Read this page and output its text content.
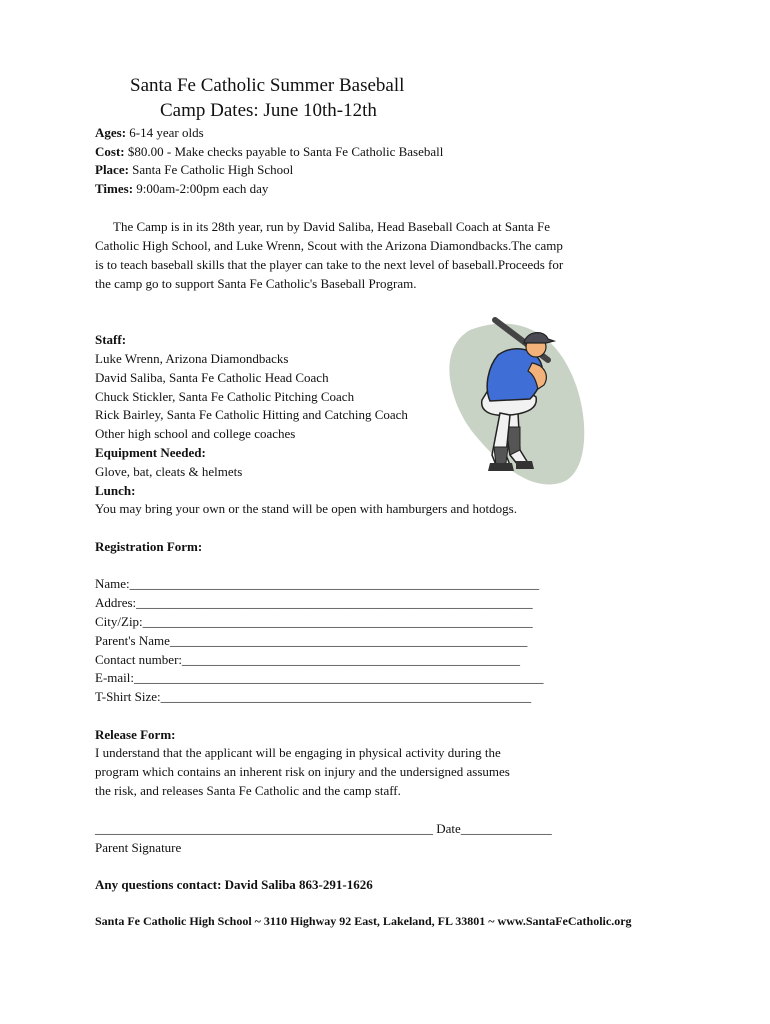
Santa Fe Catholic Summer Baseball
Camp Dates: June 10th-12th
Ages: 6-14 year olds
Cost: $80.00 - Make checks payable to Santa Fe Catholic Baseball
Place: Santa Fe Catholic High School
Times: 9:00am-2:00pm each day
The Camp is in its 28th year, run by David Saliba, Head Baseball Coach at Santa Fe Catholic High School, and Luke Wrenn, Scout with the Arizona Diamondbacks.The camp is to teach baseball skills that the player can take to the next level of baseball.Proceeds for the camp go to support Santa Fe Catholic's Baseball Program.
Staff:
Luke Wrenn, Arizona Diamondbacks
David Saliba, Santa Fe Catholic Head Coach
Chuck Stickler, Santa Fe Catholic Pitching Coach
Rick Bairley, Santa Fe Catholic Hitting and Catching Coach
Other high school and college coaches
Equipment Needed:
Glove, bat, cleats & helmets
Lunch:
You may bring your own or the stand will be open with hamburgers and hotdogs.
Registration Form:
Name:_______________________________________________________________
Addres:_____________________________________________________________
City/Zip:____________________________________________________________
Parent's Name_______________________________________________________
Contact number:____________________________________________________
E-mail:_______________________________________________________________
T-Shirt Size:_________________________________________________________
Release Form:
I understand that the applicant will be engaging in physical activity during the
program which contains an inherent risk on injury and the undersigned assumes
the risk, and releases Santa Fe Catholic and the camp staff.
____________________________________________________ Date______________
Parent Signature
Any questions contact: David Saliba 863-291-1626
Santa Fe Catholic High School ~ 3110 Highway 92 East, Lakeland, FL 33801 ~ www.SantaFeCatholic.org
